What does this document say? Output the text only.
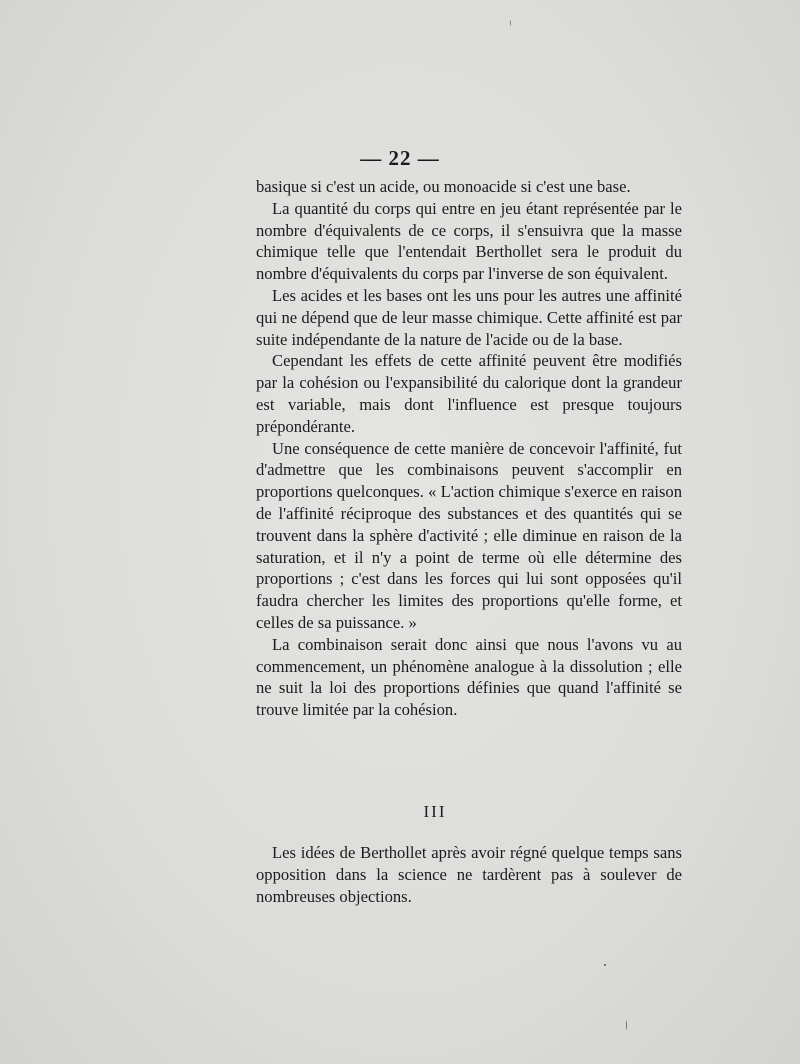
— 22 —

basique si c'est un acide, ou monoacide si c'est une base.

La quantité du corps qui entre en jeu étant représentée par le nombre d'équivalents de ce corps, il s'ensuivra que la masse chimique telle que l'entendait Berthollet sera le produit du nombre d'équivalents du corps par l'inverse de son équivalent.

Les acides et les bases ont les uns pour les autres une affinité qui ne dépend que de leur masse chimique. Cette affinité est par suite indépendante de la nature de l'acide ou de la base.

Cependant les effets de cette affinité peuvent être modifiés par la cohésion ou l'expansibilité du calorique dont la grandeur est variable, mais dont l'influence est presque toujours prépondérante.

Une conséquence de cette manière de concevoir l'affinité, fut d'admettre que les combinaisons peuvent s'accomplir en proportions quelconques. « L'action chimique s'exerce en raison de l'affinité réciproque des substances et des quantités qui se trouvent dans la sphère d'activité ; elle diminue en raison de la saturation, et il n'y a point de terme où elle détermine des proportions ; c'est dans les forces qui lui sont opposées qu'il faudra chercher les limites des proportions qu'elle forme, et celles de sa puissance. »

La combinaison serait donc ainsi que nous l'avons vu au commencement, un phénomène analogue à la dissolution ; elle ne suit la loi des proportions définies que quand l'affinité se trouve limitée par la cohésion.

III

Les idées de Berthollet après avoir régné quelque temps sans opposition dans la science ne tardèrent pas à soulever de nombreuses objections.
